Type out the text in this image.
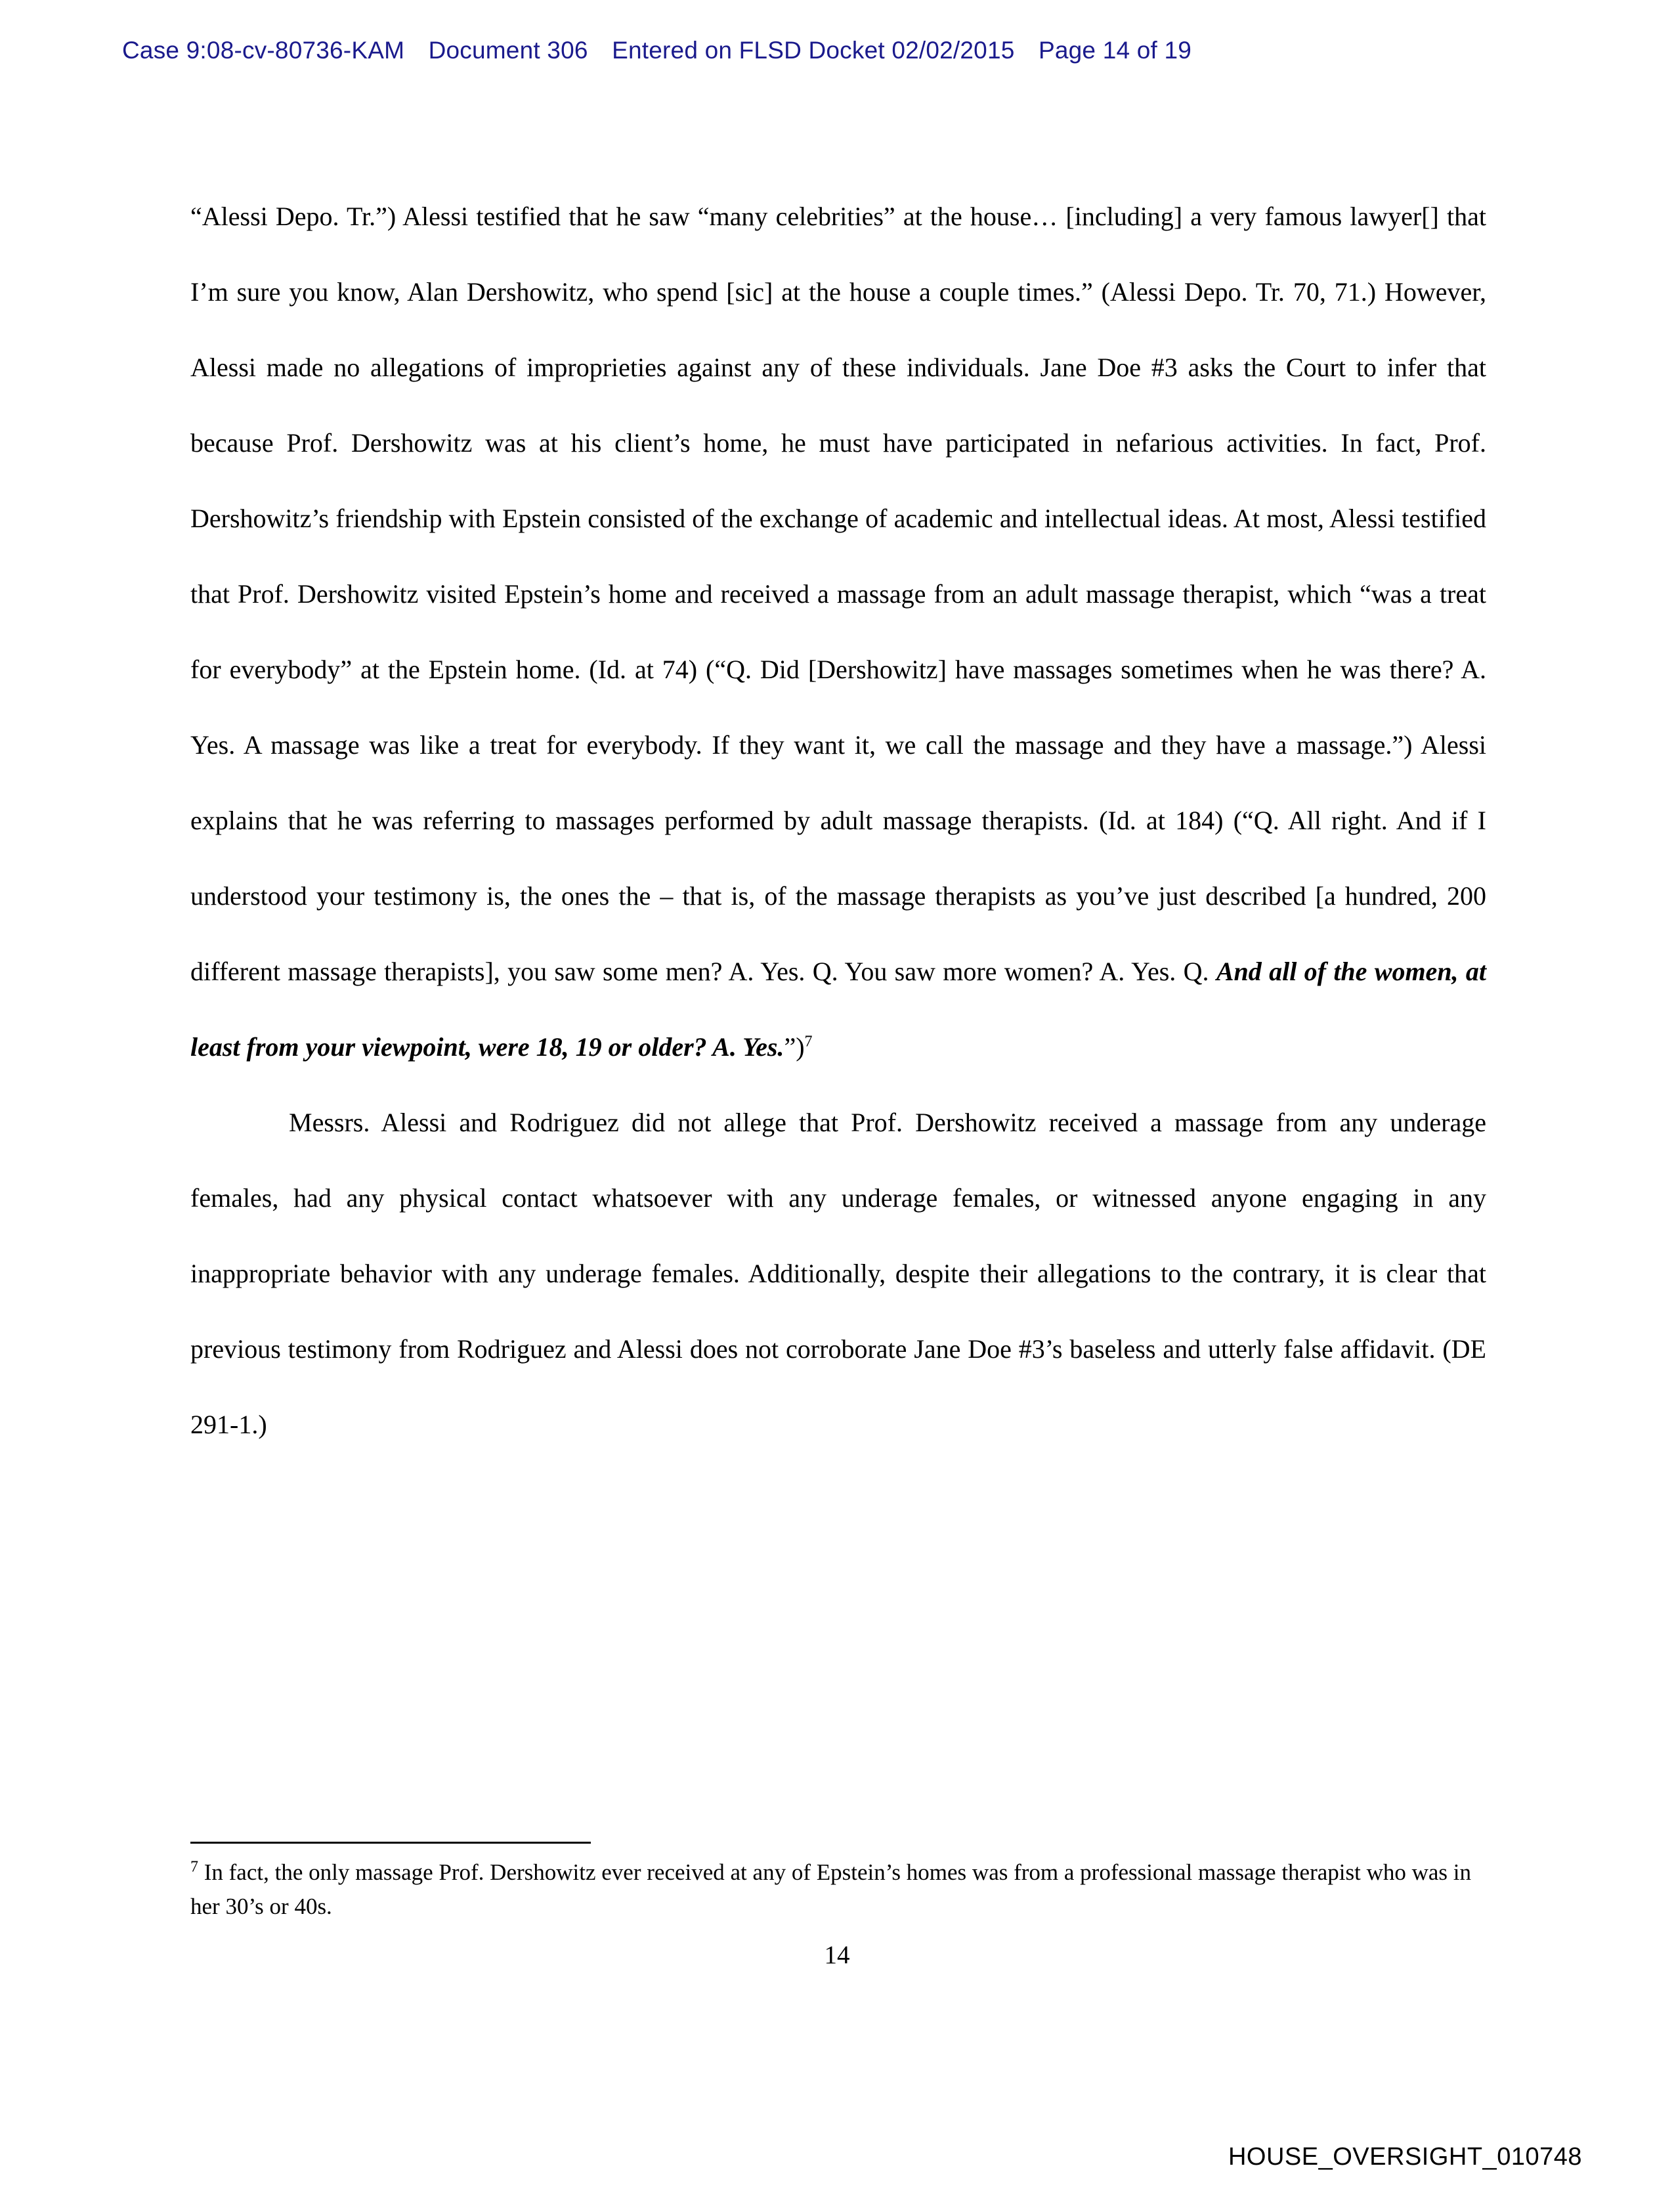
Case 9:08-cv-80736-KAM Document 306 Entered on FLSD Docket 02/02/2015 Page 14 of 19

“Alessi Depo. Tr.”) Alessi testified that he saw “many celebrities” at the house… [including] a very famous lawyer[] that I’m sure you know, Alan Dershowitz, who spend [sic] at the house a couple times.” (Alessi Depo. Tr. 70, 71.) However, Alessi made no allegations of improprieties against any of these individuals. Jane Doe #3 asks the Court to infer that because Prof. Dershowitz was at his client’s home, he must have participated in nefarious activities. In fact, Prof. Dershowitz’s friendship with Epstein consisted of the exchange of academic and intellectual ideas. At most, Alessi testified that Prof. Dershowitz visited Epstein’s home and received a massage from an adult massage therapist, which “was a treat for everybody” at the Epstein home. (Id. at 74) (“Q. Did [Dershowitz] have massages sometimes when he was there? A. Yes. A massage was like a treat for everybody. If they want it, we call the massage and they have a massage.”) Alessi explains that he was referring to massages performed by adult massage therapists. (Id. at 184) (“Q. All right. And if I understood your testimony is, the ones the – that is, of the massage therapists as you’ve just described [a hundred, 200 different massage therapists], you saw some men? A. Yes. Q. You saw more women? A. Yes. Q. And all of the women, at least from your viewpoint, were 18, 19 or older? A. Yes.”)$^7$

Messrs. Alessi and Rodriguez did not allege that Prof. Dershowitz received a massage from any underage females, had any physical contact whatsoever with any underage females, or witnessed anyone engaging in any inappropriate behavior with any underage females. Additionally, despite their allegations to the contrary, it is clear that previous testimony from Rodriguez and Alessi does not corroborate Jane Doe #3’s baseless and utterly false affidavit. (DE 291-1.)

$^7$ In fact, the only massage Prof. Dershowitz ever received at any of Epstein’s homes was from a professional massage therapist who was in her 30’s or 40s.
14
HOUSE_OVERSIGHT_010748
